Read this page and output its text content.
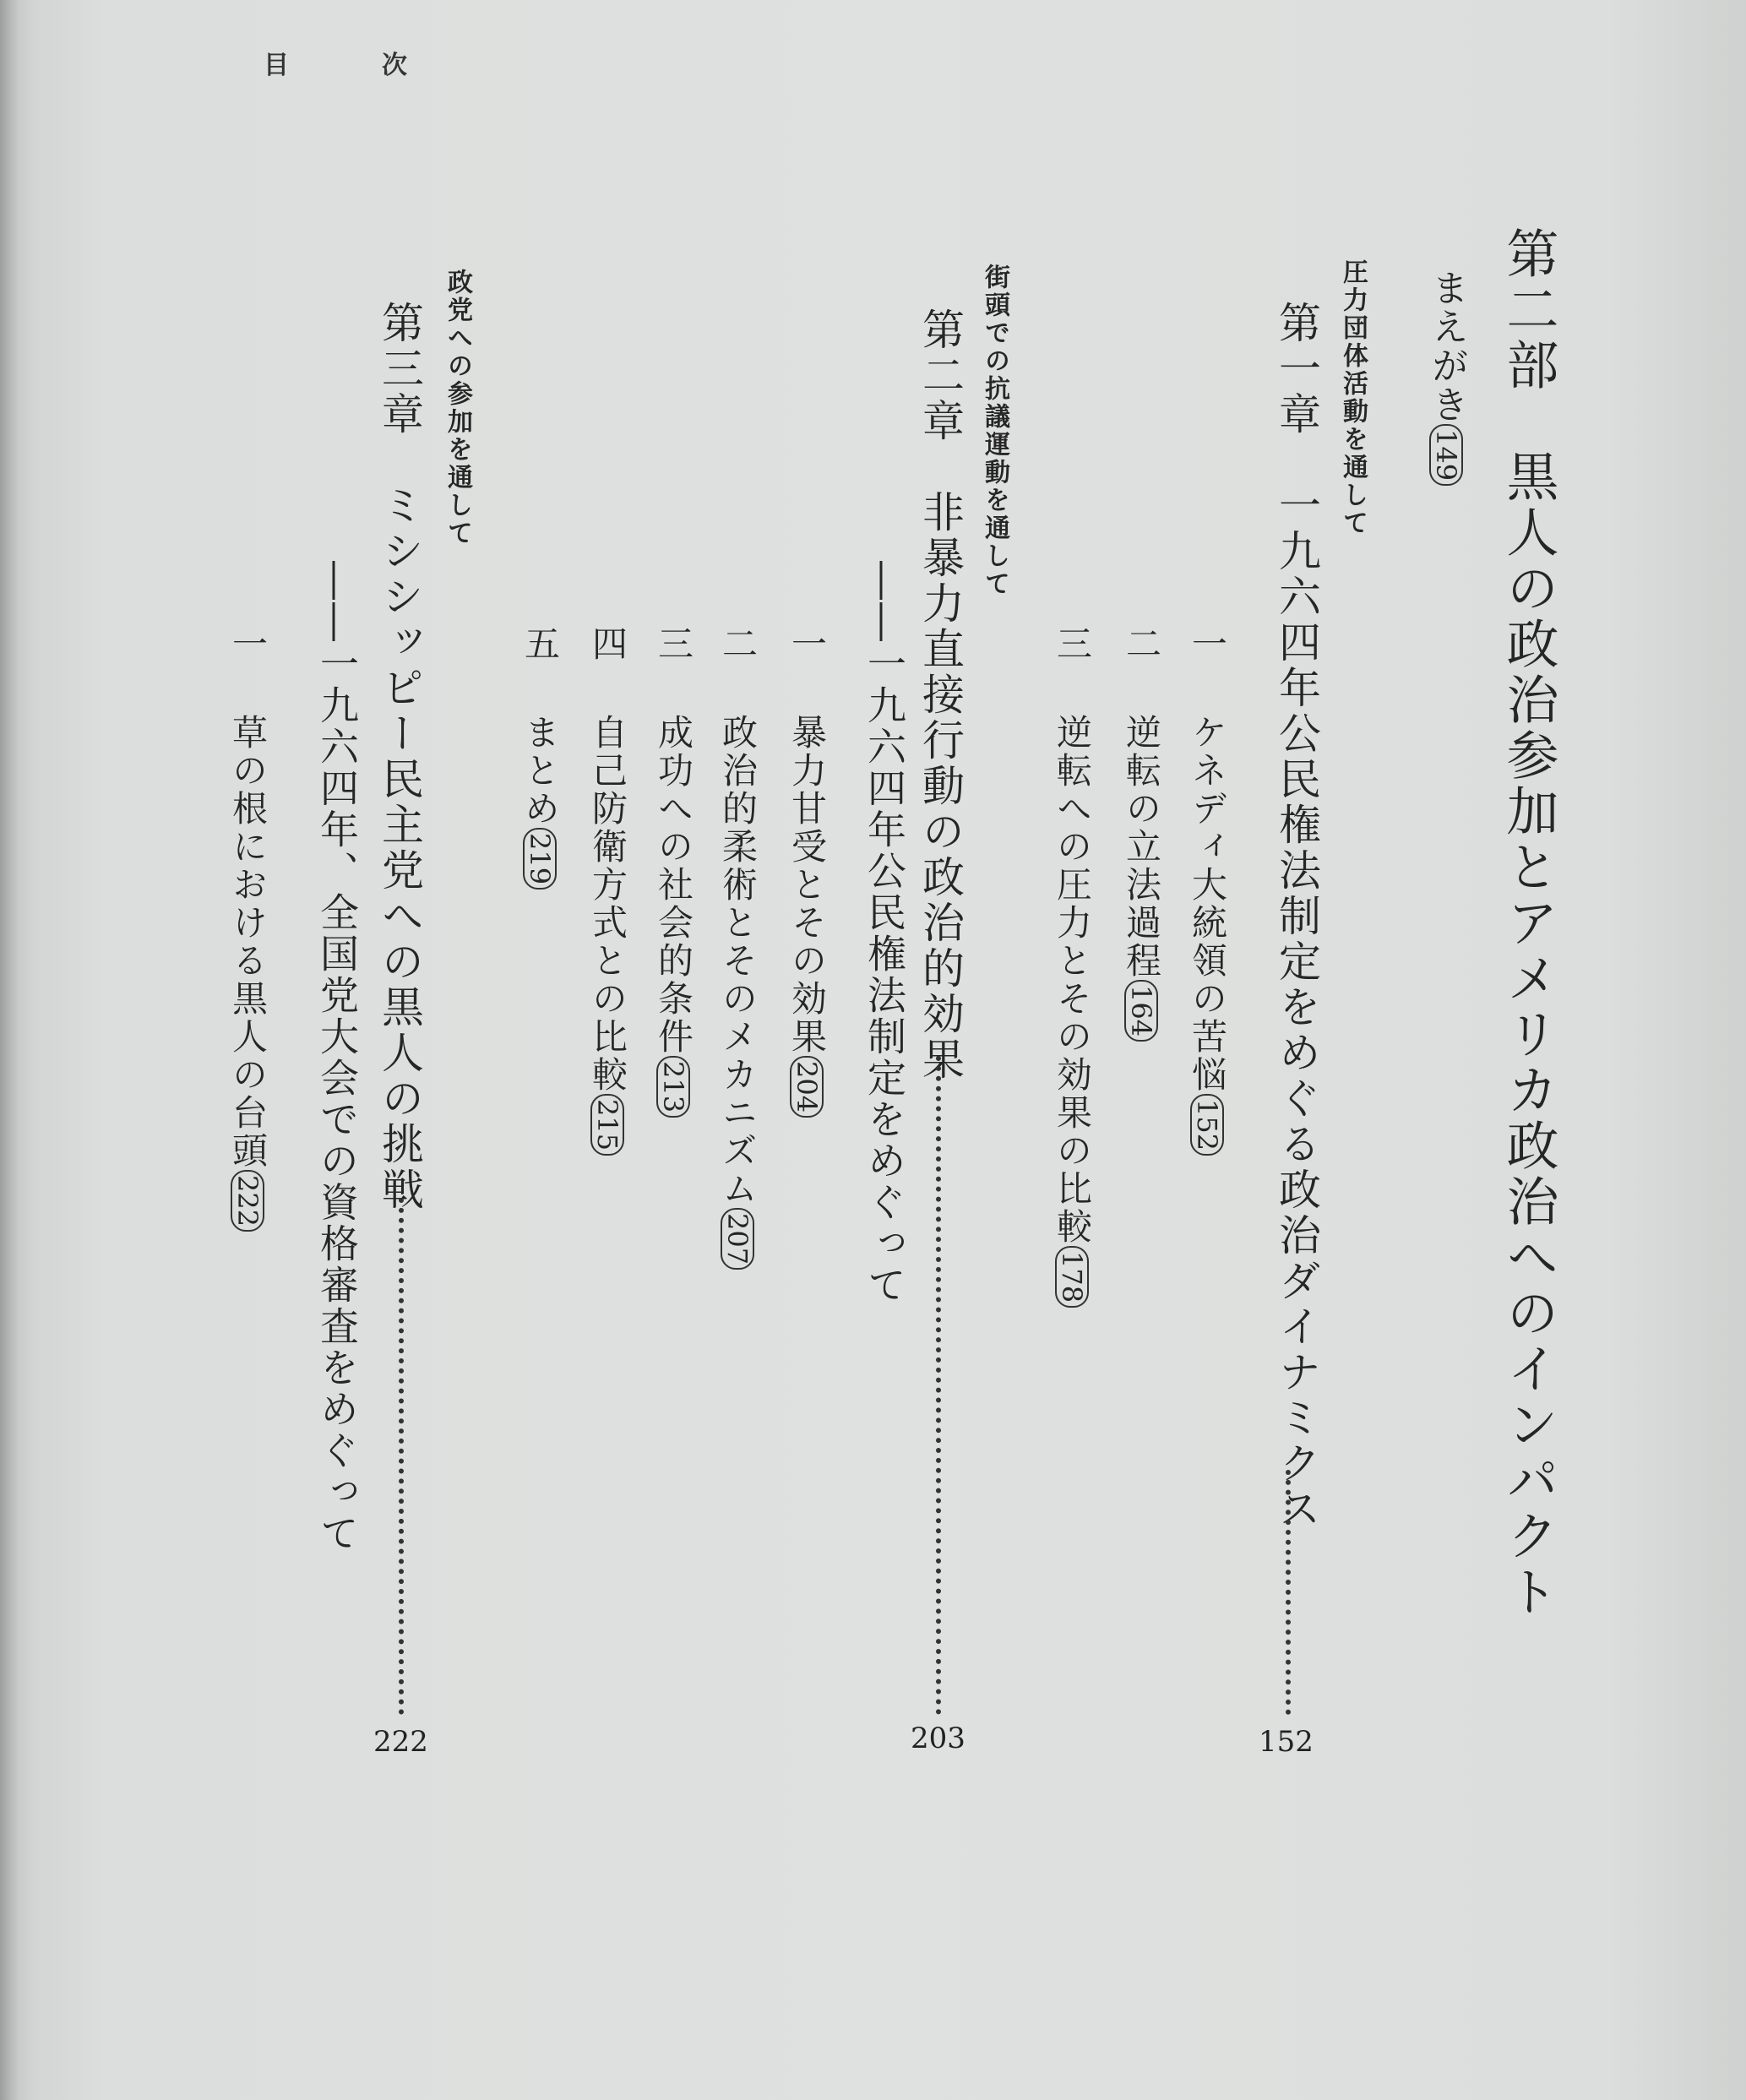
目	次
第二部　黒人の政治参加とアメリカ政治へのインパクト
まえがき149
圧力団体活動を通して
第一章　一九六四年公民権法制定をめぐる政治ダイナミクス
152
一ケネディ大統領の苦悩152
二逆転の立法過程164
三逆転への圧力とその効果の比較178
街頭での抗議運動を通して
第二章　非暴力直接行動の政治的効果
――一九六四年公民権法制定をめぐって
203
一暴力甘受とその効果204
二政治的柔術とそのメカニズム207
三成功への社会的条件213
四自己防衛方式との比較215
五まとめ219
政党への参加を通して
第三章　ミシシッピー民主党への黒人の挑戦
――一九六四年、全国党大会での資格審査をめぐって
222
一草の根における黒人の台頭222
